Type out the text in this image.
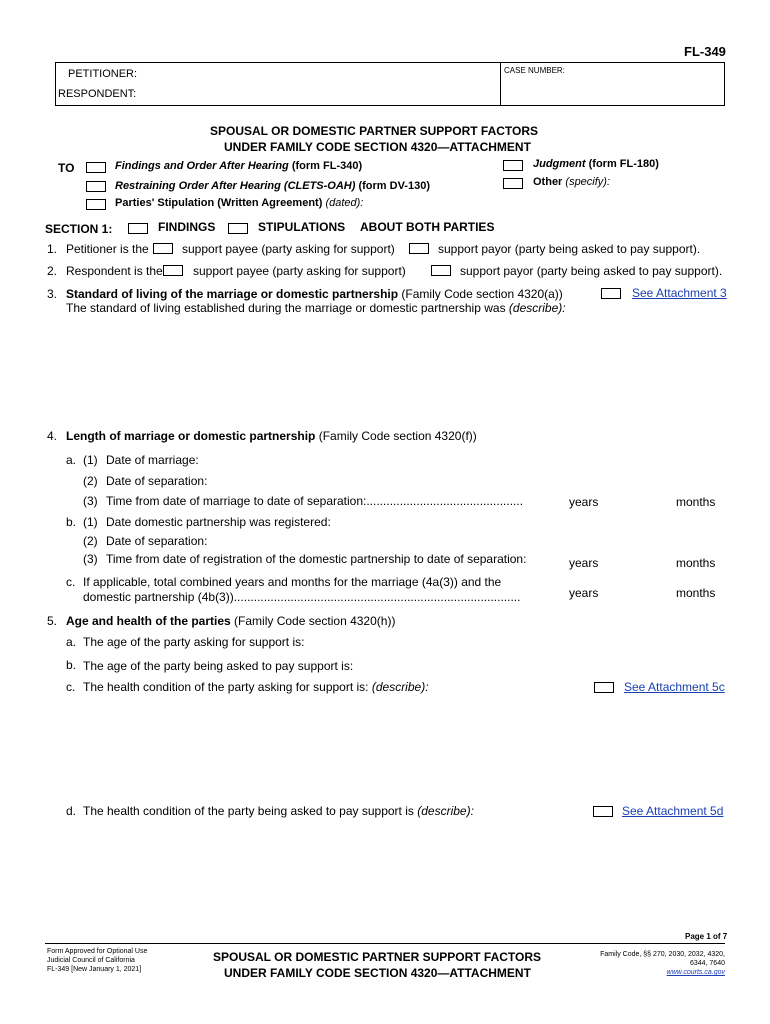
FL-349
PETITIONER:
RESPONDENT:
CASE NUMBER:
SPOUSAL OR DOMESTIC PARTNER SUPPORT FACTORS
UNDER FAMILY CODE SECTION 4320—ATTACHMENT
TO	Findings and Order After Hearing (form FL-340)
Restraining Order After Hearing (CLETS-OAH) (form DV-130)
Parties' Stipulation (Written Agreement) (dated):
Judgment (form FL-180)
Other (specify):
SECTION 1:	FINDINGS	STIPULATIONS ABOUT BOTH PARTIES
1. Petitioner is the	support payee (party asking for support)	support payor (party being asked to pay support).
2. Respondent is the	support payee (party asking for support)	support payor (party being asked to pay support).
3. Standard of living of the marriage or domestic partnership (Family Code section 4320(a))
The standard of living established during the marriage or domestic partnership was (describe):
See Attachment 3
4. Length of marriage or domestic partnership (Family Code section 4320(f))
a. (1) Date of marriage:
(2) Date of separation:
(3) Time from date of marriage to date of separation:...............................................	years	months
b. (1) Date domestic partnership was registered:
(2) Date of separation:
(3) Time from date of registration of the domestic partnership to date of separation:	years	months
c. If applicable, total combined years and months for the marriage (4a(3)) and the
domestic partnership (4b(3))......................................................................................	years	months
5. Age and health of the parties (Family Code section 4320(h))
a. The age of the party asking for support is:
b. The age of the party being asked to pay support is:
c. The health condition of the party asking for support is: (describe):	See Attachment 5c
d. The health condition of the party being asked to pay support is (describe):	See Attachment 5d
Page 1 of 7
Form Approved for Optional Use
Judicial Council of California
FL-349 [New January 1, 2021]
SPOUSAL OR DOMESTIC PARTNER SUPPORT FACTORS
UNDER FAMILY CODE SECTION 4320—ATTACHMENT
Family Code, §§ 270, 2030, 2032, 4320,
6344, 7640
www.courts.ca.gov
